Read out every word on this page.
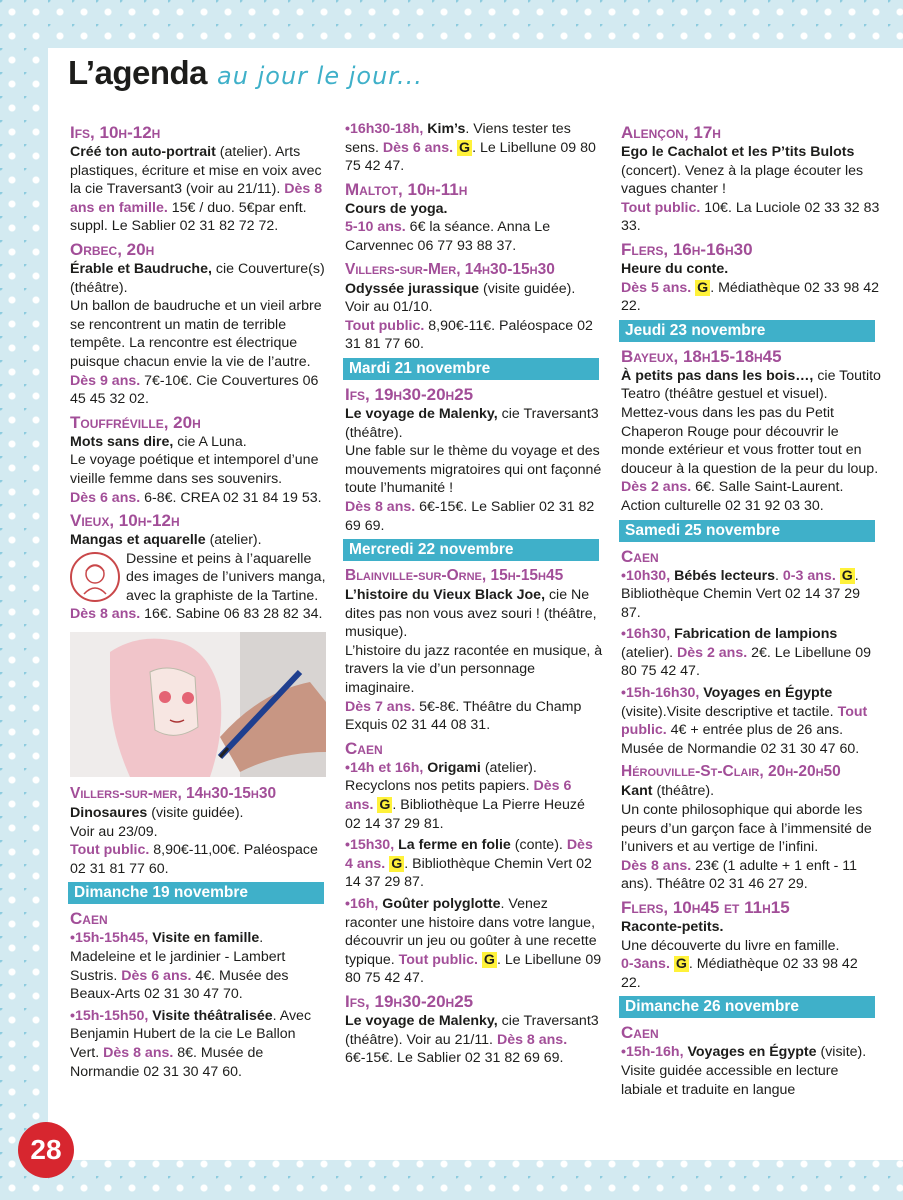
L’agenda au jour le jour...
Ifs, 10h-12h

Créé ton auto-portrait (atelier). Arts plastiques, écriture et mise en voix avec la cie Traversant3 (voir au 21/11). Dès 8 ans en famille. 15€ / duo. 5€par enft. suppl. Le Sablier 02 31 82 72 72.

Orbec, 20h

Érable et Baudruche, cie Couverture(s) (théâtre).

Un ballon de baudruche et un vieil arbre se rencontrent un matin de terrible tempête. La rencontre est électrique puisque chacun envie la vie de l’autre.

Dès 9 ans. 7€-10€. Cie Couvertures 06 45 45 32 02.

Touffréville, 20h

Mots sans dire, cie A Luna.

Le voyage poétique et intemporel d’une vieille femme dans ses souvenirs.

Dès 6 ans. 6-8€. CREA 02 31 84 19 53.

Vieux, 10h-12h

Mangas et aquarelle (atelier).

Dessine et peins à l’aquarelle des images de l’univers manga, avec la graphiste de la Tartine.

Dès 8 ans. 16€. Sabine 06 83 28 82 34.

Villers-sur-mer, 14h30-15h30

Dinosaures (visite guidée).

Voir au 23/09.

Tout public. 8,90€-11,00€. Paléospace 02 31 81 77 60.

Dimanche 19 novembre
Caen

•15h-15h45, Visite en famille. Madeleine et le jardinier - Lambert Sustris. Dès 6 ans. 4€. Musée des Beaux-Arts 02 31 30 47 70.

•15h-15h50, Visite théâtralisée. Avec Benjamin Hubert de la cie Le Ballon Vert. Dès 8 ans. 8€. Musée de Normandie 02 31 30 47 60.

•16h30-18h, Kim’s. Viens tester tes sens. Dès 6 ans. G . Le Libellune 09 80 75 42 47.

Maltot, 10h-11h

Cours de yoga.

5-10 ans. 6€ la séance. Anna Le Carvennec 06 77 93 88 37.

Villers-sur-Mer, 14h30-15h30

Odyssée jurassique (visite guidée). Voir au 01/10.

Tout public. 8,90€-11€. Paléospace 02 31 81 77 60.

Mardi 21 novembre
Ifs, 19h30-20h25

Le voyage de Malenky, cie Traversant3 (théâtre).

Une fable sur le thème du voyage et des mouvements migratoires qui ont façonné toute l’humanité !

Dès 8 ans. 6€-15€. Le Sablier 02 31 82 69 69.

Mercredi 22 novembre
Blainville-sur-Orne, 15h-15h45

L’histoire du Vieux Black Joe, cie Ne dites pas non vous avez souri ! (théâtre, musique).

L’histoire du jazz racontée en musique, à travers la vie d’un personnage imaginaire.

Dès 7 ans. 5€-8€. Théâtre du Champ Exquis 02 31 44 08 31.

Caen

•14h et 16h, Origami (atelier). Recyclons nos petits papiers. Dès 6 ans. G . Bibliothèque La Pierre Heuzé 02 14 37 29 81.

•15h30, La ferme en folie (conte). Dès 4 ans. G . Bibliothèque Chemin Vert 02 14 37 29 87.

•16h, Goûter polyglotte. Venez raconter une histoire dans votre langue, découvrir un jeu ou goûter à une recette typique. Tout public. G . Le Libellune 09 80 75 42 47.

Ifs, 19h30-20h25

Le voyage de Malenky, cie Traversant3 (théâtre). Voir au 21/11. Dès 8 ans. 6€-15€. Le Sablier 02 31 82 69 69.

Alençon, 17h

Ego le Cachalot et les P’tits Bulots (concert). Venez à la plage écouter les vagues chanter !

Tout public. 10€. La Luciole 02 33 32 83 33.

Flers, 16h-16h30

Heure du conte.

Dès 5 ans. G . Médiathèque 02 33 98 42 22.

Jeudi 23 novembre
Bayeux, 18h15-18h45

À petits pas dans les bois…, cie Toutito Teatro (théâtre gestuel et visuel).

Mettez-vous dans les pas du Petit Chaperon Rouge pour découvrir le monde extérieur et vous frotter tout en douceur à la question de la peur du loup.

Dès 2 ans. 6€. Salle Saint-Laurent. Action culturelle 02 31 92 03 30.

Samedi 25 novembre
Caen

•10h30, Bébés lecteurs. 0-3 ans. G . Bibliothèque Chemin Vert 02 14 37 29 87.

•16h30, Fabrication de lampions (atelier). Dès 2 ans. 2€. Le Libellune 09 80 75 42 47.

•15h-16h30, Voyages en Égypte (visite).Visite descriptive et tactile. Tout public. 4€ + entrée plus de 26 ans. Musée de Normandie 02 31 30 47 60.

Hérouville-St-Clair, 20h-20h50

Kant (théâtre).

Un conte philosophique qui aborde les peurs d’un garçon face à l’immensité de l’univers et au vertige de l’infini.

Dès 8 ans. 23€ (1 adulte + 1 enft - 11 ans). Théâtre 02 31 46 27 29.

Flers, 10h45 et 11h15

Raconte-petits.

Une découverte du livre en famille.

0-3ans. G . Médiathèque 02 33 98 42 22.

Dimanche 26 novembre
Caen

•15h-16h, Voyages en Égypte (visite). Visite guidée accessible en lecture labiale et traduite en langue

28
